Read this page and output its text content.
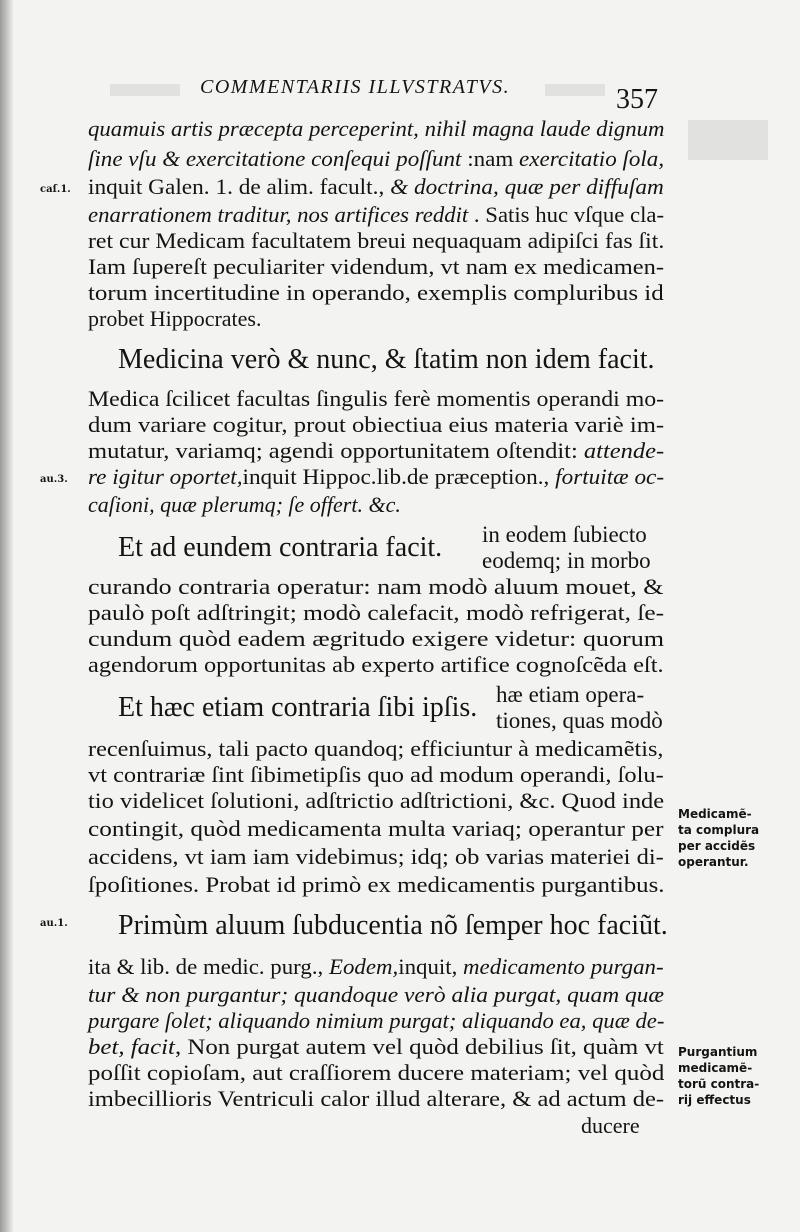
COMMENTARIIS ILLVSTRATVS.	357
quamuis artis præcepta perceperint, nihil magna laude dignum
ſine vſu & exercitatione conſequi poſſunt :nam exercitatio ſola,
inquit Galen. 1. de alim. facult., & doctrina, quæ per diffuſam
enarrationem traditur, nos artifices reddit . Satis huc vſque cla-
ret cur Medicam facultatem breui nequaquam adipiſci fas ſit.
Iam ſupereſt peculiariter videndum, vt nam ex medicamen-
torum incertitudine in operando, exemplis compluribus id
probet Hippocrates.
Medicina verò & nunc, & ſtatim non idem facit.
Medica ſcilicet facultas ſingulis ferè momentis operandi mo-
dum variare cogitur, prout obiectiua eius materia variè im-
mutatur, variamq; agendi opportunitatem oſtendit: attende-
re igitur oportet,inquit Hippoc.lib.de præception., fortuitæ oc-
caſioni, quæ plerumq; ſe offert. &c.
Et ad eundem contraria facit. in eodem ſubiecto
eodemq; in morbo
curando contraria operatur: nam modò aluum mouet, &
paulò poſt adſtringit; modò calefacit, modò refrigerat, ſe-
cundum quòd eadem ægritudo exigere videtur: quorum
agendorum opportunitas ab experto artifice cognoſcẽda eſt.
Et hæc etiam contraria ſibi ipſis. hæ etiam opera-
tiones, quas modò
recenſuimus, tali pacto quandoq; efficiuntur à medicamẽtis,
vt contrariæ ſint ſibimetipſis quo ad modum operandi, ſolu-
tio videlicet ſolutioni, adſtrictio adſtrictioni, &c. Quod inde
contingit, quòd medicamenta multa variaq; operantur per
accidens, vt iam iam videbimus; idq; ob varias materiei di-
ſpoſitiones. Probat id primò ex medicamentis purgantibus.
Primùm aluum ſubducentia nõ ſemper hoc faciũt.
ita & lib. de medic. purg., Eodem,inquit, medicamento purgan-
tur & non purgantur; quandoque verò alia purgat, quam quæ
purgare ſolet; aliquando nimium purgat; aliquando ea, quæ de-
bet, facit, Non purgat autem vel quòd debilius ſit, quàm vt
poſſit copioſam, aut craſſiorem ducere materiam; vel quòd
imbecillioris Ventriculi calor illud alterare, & ad actum de-
ducere
caſ.1.
au.3.
au.1.
Medicamẽ-
ta complura
per accidẽs
operantur.
Purgantium
medicamẽ-
torũ contra-
rij effectus
